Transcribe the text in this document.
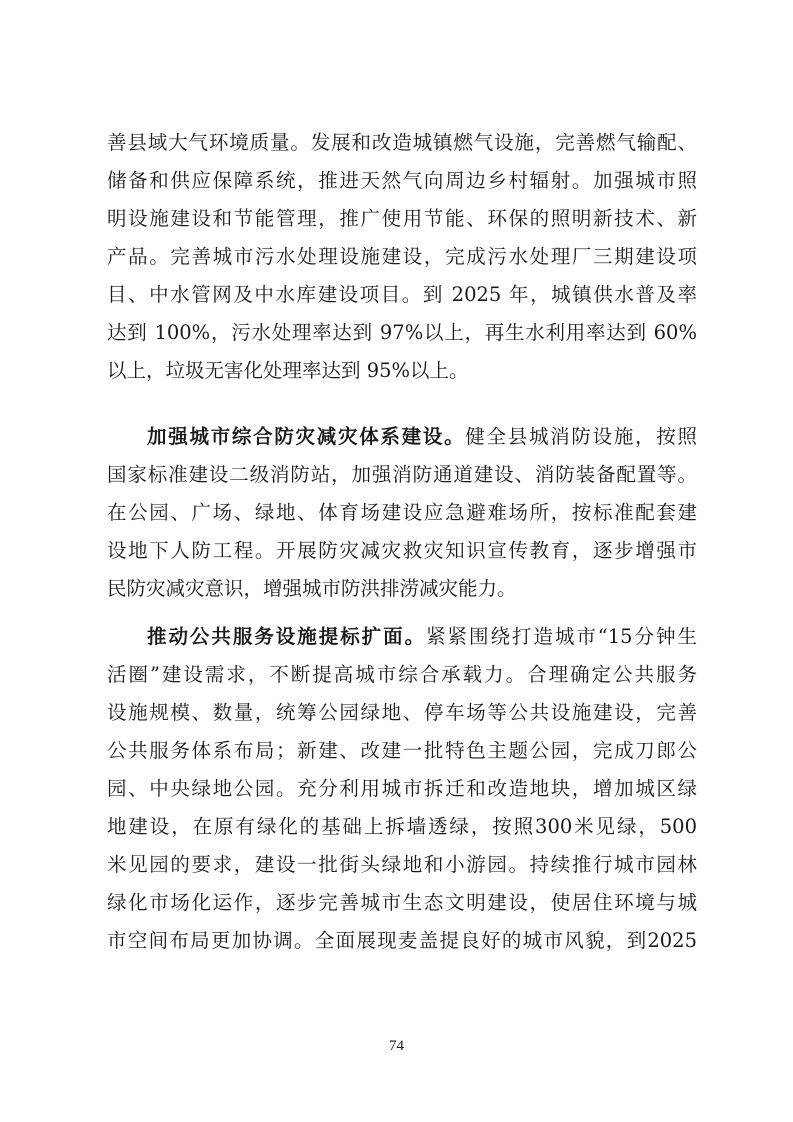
善县域大气环境质量。发展和改造城镇燃气设施，完善燃气输配、
储备和供应保障系统，推进天然气向周边乡村辐射。加强城市照
明设施建设和节能管理，推广使用节能、环保的照明新技术、新
产品。完善城市污水处理设施建设，完成污水处理厂三期建设项
目、中水管网及中水库建设项目。到 2025 年，城镇供水普及率
达到 100%，污水处理率达到 97%以上，再生水利用率达到 60%
以上，垃圾无害化处理率达到 95%以上。
加强城市综合防灾减灾体系建设。健全县城消防设施，按照
国家标准建设二级消防站，加强消防通道建设、消防装备配置等。
在公园、广场、绿地、体育场建设应急避难场所，按标准配套建
设地下人防工程。开展防灾减灾救灾知识宣传教育，逐步增强市
民防灾减灾意识，增强城市防洪排涝减灾能力。
推动公共服务设施提标扩面。紧紧围绕打造城市“15分钟生
活圈”建设需求，不断提高城市综合承载力。合理确定公共服务
设施规模、数量，统筹公园绿地、停车场等公共设施建设，完善
公共服务体系布局；新建、改建一批特色主题公园，完成刀郎公
园、中央绿地公园。充分利用城市拆迁和改造地块，增加城区绿
地建设，在原有绿化的基础上拆墙透绿，按照300米见绿，500
米见园的要求，建设一批街头绿地和小游园。持续推行城市园林
绿化市场化运作，逐步完善城市生态文明建设，使居住环境与城
市空间布局更加协调。全面展现麦盖提良好的城市风貌，到2025
74
